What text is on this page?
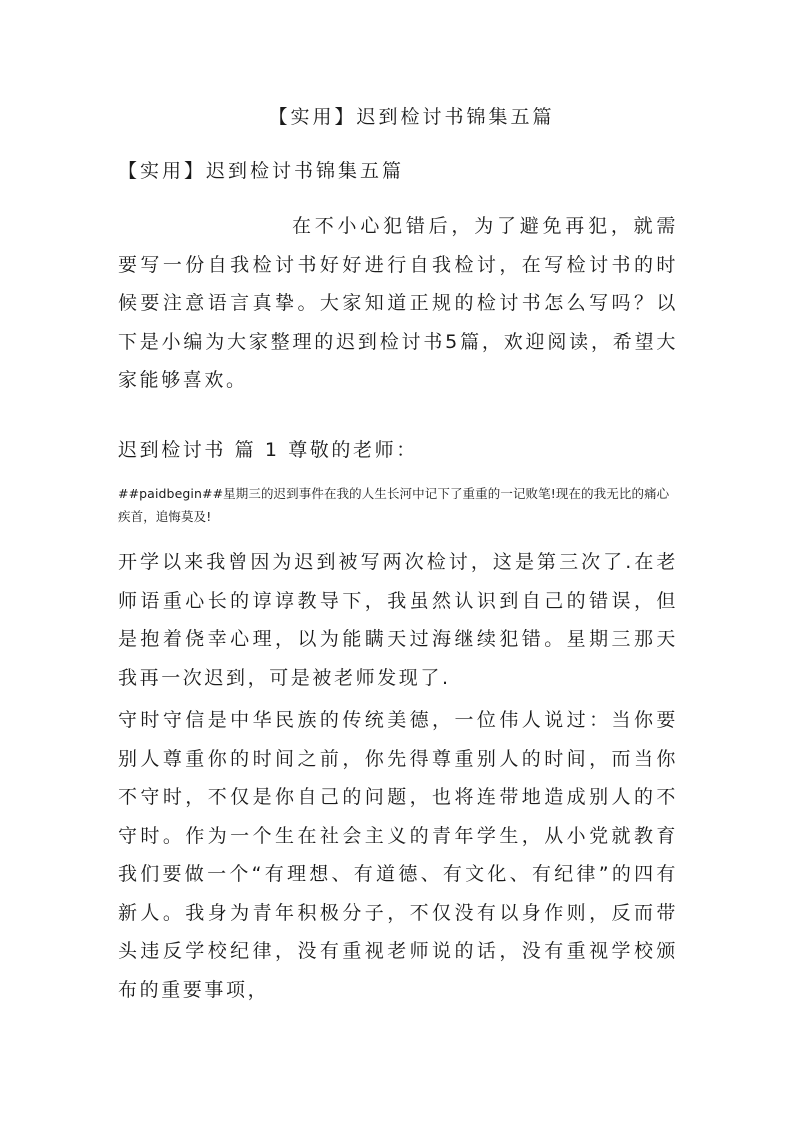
【实用】迟到检讨书锦集五篇
【实用】迟到检讨书锦集五篇

在不小心犯错后，为了避免再犯，就需要写一份自我检讨书好好进行自我检讨，在写检讨书的时候要注意语言真挚。大家知道正规的检讨书怎么写吗？以下是小编为大家整理的迟到检讨书5篇，欢迎阅读，希望大家能够喜欢。

迟到检讨书 篇 1 尊敬的老师：

##paidbegin##星期三的迟到事件在我的人生长河中记下了重重的一记败笔!现在的我无比的痛心疾首，追悔莫及!

开学以来我曾因为迟到被写两次检讨，这是第三次了.在老师语重心长的谆谆教导下，我虽然认识到自己的错误，但是抱着侥幸心理，以为能瞒天过海继续犯错。星期三那天我再一次迟到，可是被老师发现了.

守时守信是中华民族的传统美德，一位伟人说过：当你要别人尊重你的时间之前，你先得尊重别人的时间，而当你不守时，不仅是你自己的问题，也将连带地造成别人的不守时。作为一个生在社会主义的青年学生，从小党就教育我们要做一个“有理想、有道德、有文化、有纪律”的四有新人。我身为青年积极分子，不仅没有以身作则，反而带头违反学校纪律，没有重视老师说的话，没有重视学校颁布的重要事项，
